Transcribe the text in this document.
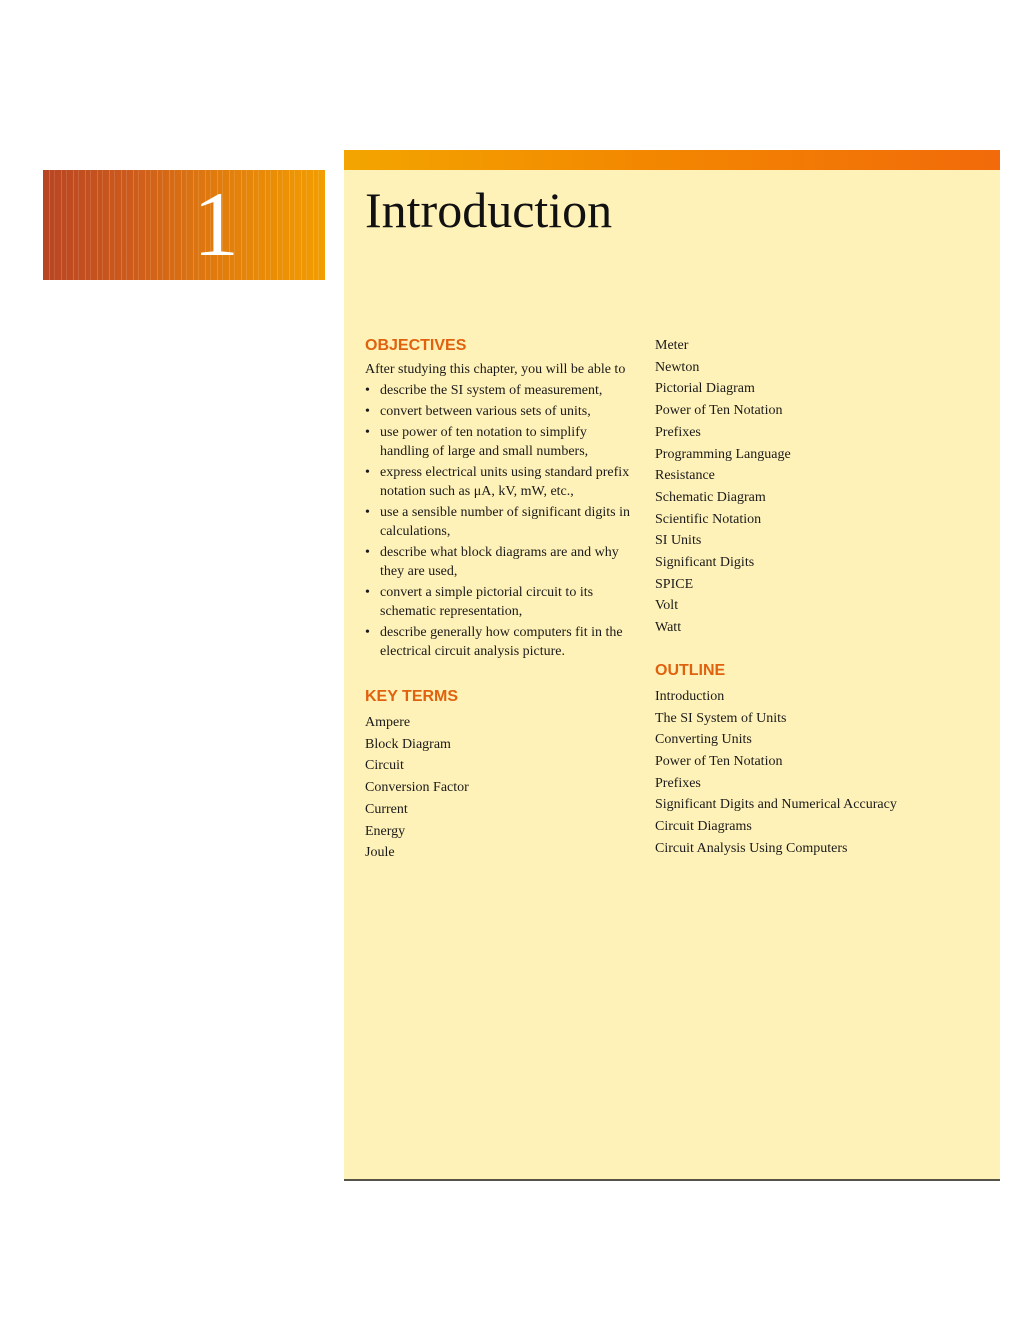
1	Introduction
OBJECTIVES

After studying this chapter, you will be able to

• describe the SI system of measurement,
• convert between various sets of units,
• use power of ten notation to simplify handling of large and small numbers,
• express electrical units using standard prefix notation such as μA, kV, mW, etc.,
• use a sensible number of significant digits in calculations,
• describe what block diagrams are and why they are used,
• convert a simple pictorial circuit to its schematic representation,
• describe generally how computers fit in the electrical circuit analysis picture.
KEY TERMS
Ampere
Block Diagram
Circuit
Conversion Factor
Current
Energy
Joule
Meter
Newton
Pictorial Diagram
Power of Ten Notation
Prefixes
Programming Language
Resistance
Schematic Diagram
Scientific Notation
SI Units
Significant Digits
SPICE
Volt
Watt
OUTLINE
Introduction
The SI System of Units
Converting Units
Power of Ten Notation
Prefixes
Significant Digits and Numerical Accuracy
Circuit Diagrams
Circuit Analysis Using Computers
